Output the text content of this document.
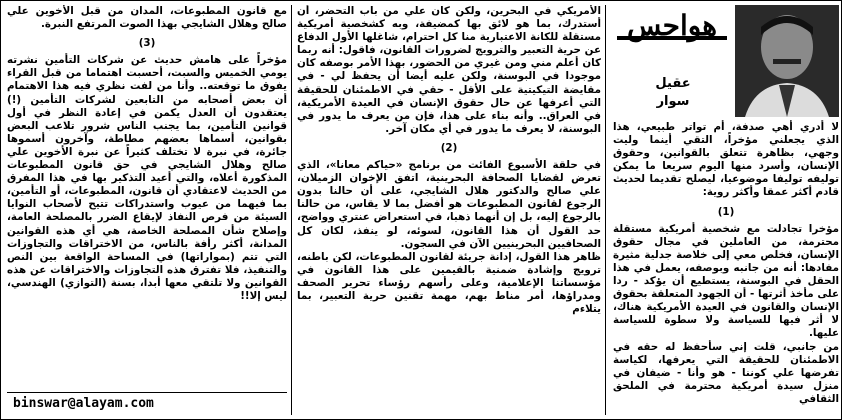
هواجس
عقيل
سوار

لا أدري أهي صدفة، أم تواتر طبيعي، هذا الذي يجعلني مؤخراً، التقي أينما وليت وجهي، بظاهرة تتعلق بالقوانين، وحقوق الإنسان، وأسرد منها اليوم سريعا ما يمكن توليفه توليفا موضوعيا، ليصلح تقديما لحديث قادم أكثر عمقا وأكثر روية:

(1)

مؤخرا تجادلت مع شخصية أمريكية مستقلة محترمة، من العاملين في مجال حقوق الإنسان، فخلص معي إلى خلاصة جدلية مثيرة مفادها: أنه من جانبه وبوصفه، يعمل في هذا الحقل في البوسنة، يستطيع أن يؤكد - ردا على مأخذ أثرتها - أن الجهود المتعلقة بحقوق الإنسان والقانون في العيدة الأمريكية هناك، لا أثر فيها للسياسة ولا سطوة للسياسة عليها.

من جانبي، قلت إني سأحفظ له حقه في الاطمئنان للحقيقة التي يعرفها، لكياسة تفرضها علي كوننا - هو وأنا - ضيفان في منزل سيدة أمريكية محترمة في الملحق الثقافي

الأمريكي في البحرين، ولكن كان علي من باب التحضر، أن أستدرك، بما هو لائق بها كمضيفة، وبه كشخصية أمريكية مستقلة للكانة الاعتبارية منا كل احترام، شاغلها الأول الدفاع عن حرية التعبير والترويج لضرورات القانون، فاقول: أنه ربما كان أعلم مني ومن غيري من الحضور، بهذا الأمر بوصفه كان موجودا في البوسنة، ولكن عليه أيضا أن يحفظ لي - في مقايضة التيكيتية على الأقل - حقي في الاطمئنان للحقيقة التي أعرفها عن حال حقوق الإنسان في العيدة الأمريكية، في العراق.. وأنه بناء على هذا، فإن من يعرف ما يدور في البوسنة، لا يعرف ما يدور في أي مكان آخر.

(2)

في حلقة الأسبوع الفائت من برنامج «حياكم معانا»، الذي تعرض لقضايا الصحافة البحرينية، اتفق الإخوان الزميلان، علي صالح والدكتور هلال الشايجي، على أن حالنا بدون الرجوع لقانون المطبوعات هو أفضل بما لا يقاس، من حالنا بالرجوع إليه، بل إن أنهما ذهبا، في استعراض عنتري وواضح، حد القول أن هذا القانون، لسوئه، لو ينفذ، لكان كل الصحافيين البحرينيين الآن في السجون.

ظاهر هذا القول، إدانة جريئة لقانون المطبوعات، لكن باطنه، ترويج وإشادة ضمنية بالقيمين على هذا القانون في مؤسساتنا الإعلامية، وعلى رأسهم رؤساء تحرير الصحف ومدراؤها، أمر مناط بهم، مهمة تقنين حرية التعبير، بما يتلاءم

مع قانون المطبوعات، المدان من قبل الأخوين علي صالح وهلال الشايجي بهذا الصوت المرتفع النبرة.

(3)

مؤخراً على هامش حديث عن شركات التأمين نشرته يومي الخميس والسبت، أحسبت اهتماما من قبل القراء يفوق ما توقعته.. وأنا من لفت نظري فيه هذا الاهتمام أن بعض أصحابه من التابعين لشركات التأمين (!) يعتقدون أن العدل يكمن في إعادة النظر في أول قوانين التأمين، بما يجنب الناس شرور تلاعب البعض بقوانين، أسماها بعضهم مطاطة، وآخرون أسموها جائرة، في نبرة لا تختلف كثيراً عن نبرة الأخوين علي صالح وهلال الشايجي في حق قانون المطبوعات المذكورة أعلاه، والتي أعيد التذكير بها في هذا المفرق من الحديث لاعتقادي أن قانون، المطبوعات، أو التأمين، بما فيهما من عيوب واستدراكات تتيح لأصحاب النوايا السيئة من فرص النفاذ لإيقاع الضرر بالمصلحة العامة، وإصلاح شأن المصلحة الخاصة، هي أي هذه القوانين المدانة، أكثر رأفة بالناس، من الاختراقات والتجاوزات التي تتم (بمواراتها) في المساحة الواقعة بين النص والتنفيذ، فلا تفترق هذه التجاوزات والاختراقات عن هذه القوانين ولا تلتقي معها أبدا، بسنة (التوازي) الهندسي، ليس إلا!!

binswar@alayam.com
